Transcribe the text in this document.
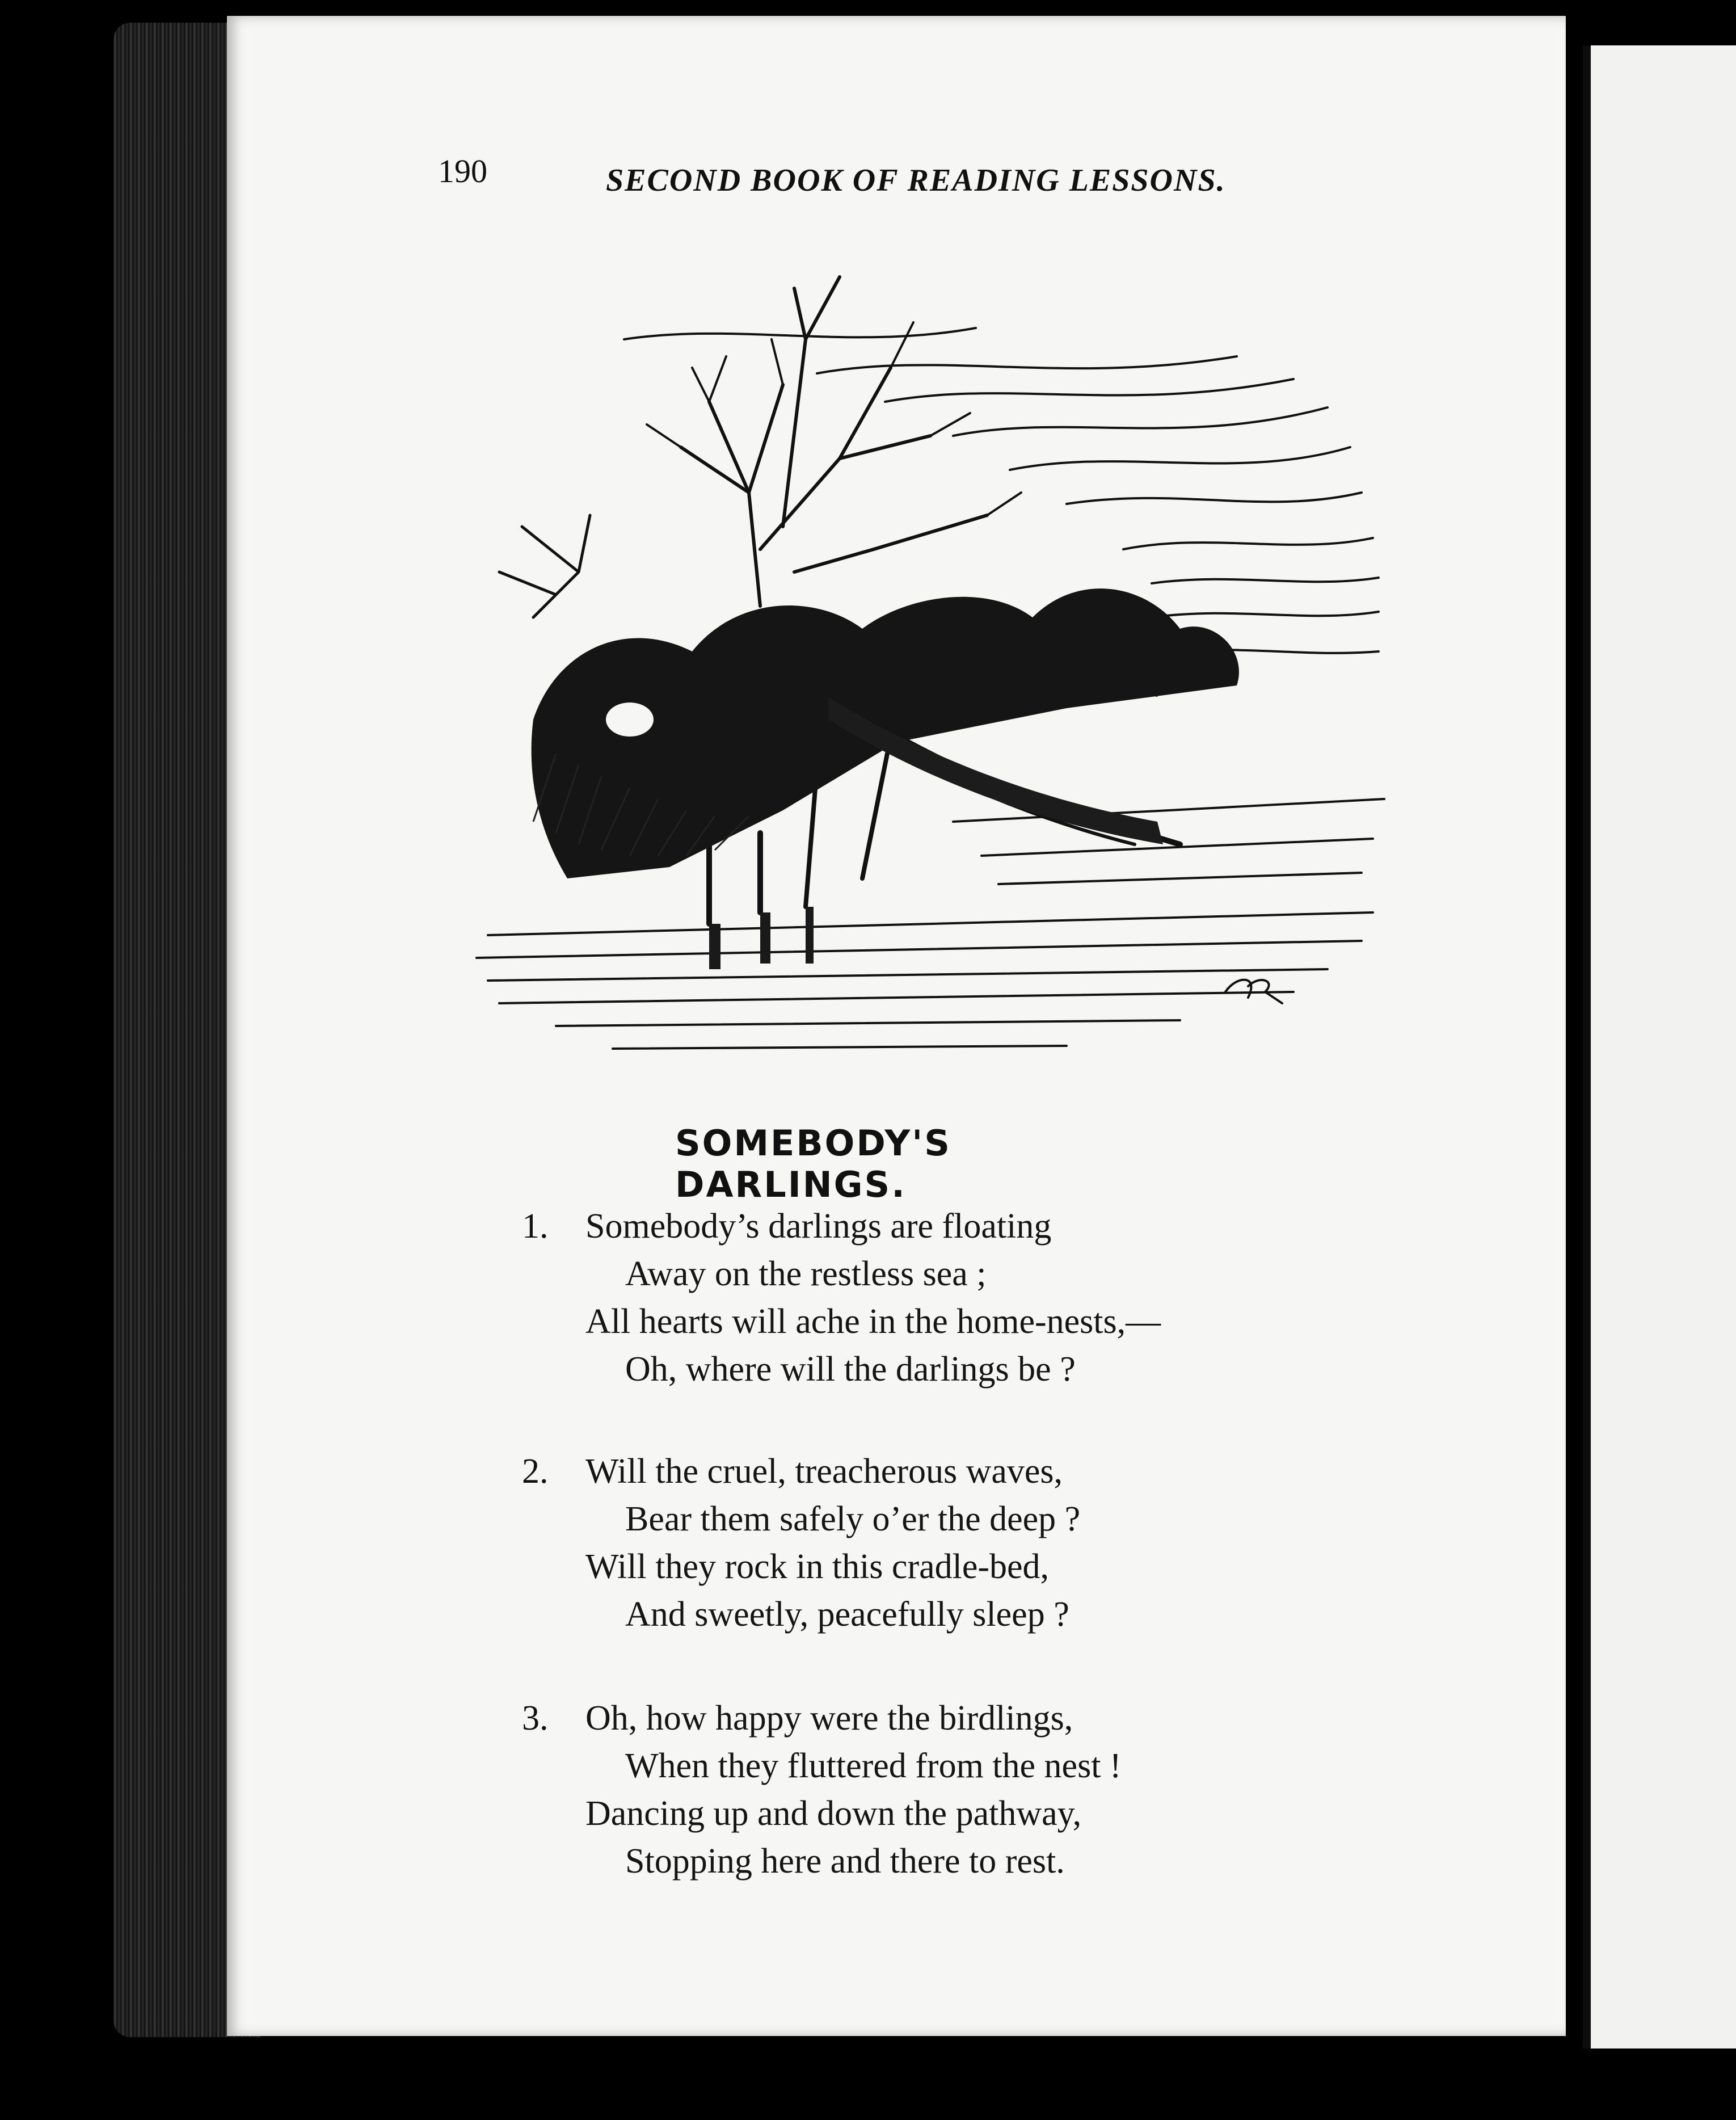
190	SECOND BOOK OF READING LESSONS.
SOMEBODY'S DARLINGS.
1. Somebody’s darlings are floating
Away on the restless sea ;
All hearts will ache in the home-nests,—
Oh, where will the darlings be ?
2. Will the cruel, treacherous waves,
Bear them safely o’er the deep ?
Will they rock in this cradle-bed,
And sweetly, peacefully sleep ?
3. Oh, how happy were the birdlings,
When they fluttered from the nest !
Dancing up and down the pathway,
Stopping here and there to rest.
